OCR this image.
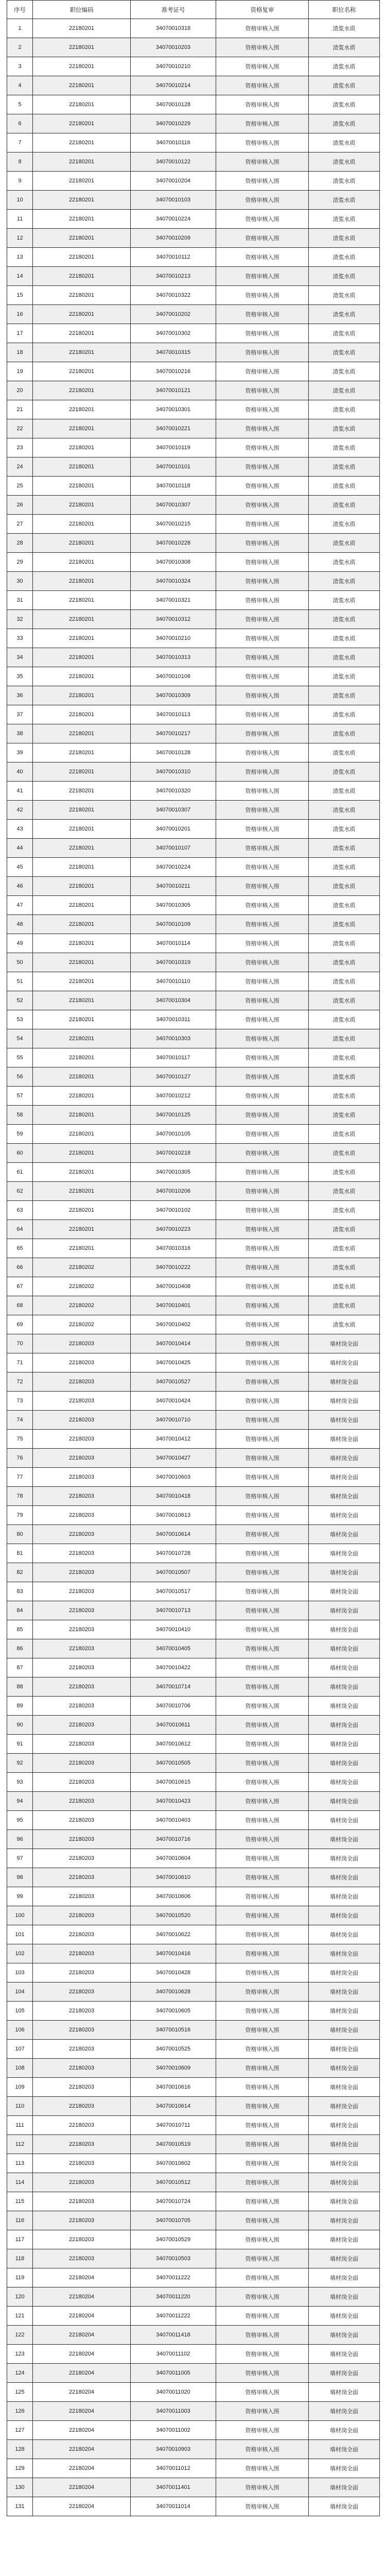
序号	职位编码	准考证号	资格复审	职位名称
1	22180201	34070010318	资格审核入围	渣浆水质
2	22180201	34070010203	资格审核入围	渣浆水质
3	22180201	34070010210	资格审核入围	渣浆水质
4	22180201	34070010214	资格审核入围	渣浆水质
5	22180201	34070010128	资格审核入围	渣浆水质
6	22180201	34070010229	资格审核入围	渣浆水质
7	22180201	34070010116	资格审核入围	渣浆水质
8	22180201	34070010122	资格审核入围	渣浆水质
9	22180201	34070010204	资格审核入围	渣浆水质
10	22180201	34070010103	资格审核入围	渣浆水质
11	22180201	34070010224	资格审核入围	渣浆水质
12	22180201	34070010209	资格审核入围	渣浆水质
13	22180201	34070010112	资格审核入围	渣浆水质
14	22180201	34070010213	资格审核入围	渣浆水质
15	22180201	34070010322	资格审核入围	渣浆水质
16	22180201	34070010202	资格审核入围	渣浆水质
17	22180201	34070010302	资格审核入围	渣浆水质
18	22180201	34070010315	资格审核入围	渣浆水质
19	22180201	34070010216	资格审核入围	渣浆水质
20	22180201	34070010121	资格审核入围	渣浆水质
21	22180201	34070010301	资格审核入围	渣浆水质
22	22180201	34070010221	资格审核入围	渣浆水质
23	22180201	34070010119	资格审核入围	渣浆水质
24	22180201	34070010101	资格审核入围	渣浆水质
25	22180201	34070010118	资格审核入围	渣浆水质
26	22180201	34070010307	资格审核入围	渣浆水质
27	22180201	34070010215	资格审核入围	渣浆水质
28	22180201	34070010228	资格审核入围	渣浆水质
29	22180201	34070010308	资格审核入围	渣浆水质
30	22180201	34070010324	资格审核入围	渣浆水质
31	22180201	34070010321	资格审核入围	渣浆水质
32	22180201	34070010312	资格审核入围	渣浆水质
33	22180201	34070010210	资格审核入围	渣浆水质
34	22180201	34070010313	资格审核入围	渣浆水质
35	22180201	34070010106	资格审核入围	渣浆水质
36	22180201	34070010309	资格审核入围	渣浆水质
37	22180201	34070010113	资格审核入围	渣浆水质
38	22180201	34070010217	资格审核入围	渣浆水质
39	22180201	34070010128	资格审核入围	渣浆水质
40	22180201	34070010310	资格审核入围	渣浆水质
41	22180201	34070010320	资格审核入围	渣浆水质
42	22180201	34070010307	资格审核入围	渣浆水质
43	22180201	34070010201	资格审核入围	渣浆水质
44	22180201	34070010107	资格审核入围	渣浆水质
45	22180201	34070010224	资格审核入围	渣浆水质
46	22180201	34070010211	资格审核入围	渣浆水质
47	22180201	34070010305	资格审核入围	渣浆水质
48	22180201	34070010109	资格审核入围	渣浆水质
49	22180201	34070010114	资格审核入围	渣浆水质
50	22180201	34070010319	资格审核入围	渣浆水质
51	22180201	34070010110	资格审核入围	渣浆水质
52	22180201	34070010304	资格审核入围	渣浆水质
53	22180201	34070010311	资格审核入围	渣浆水质
54	22180201	34070010303	资格审核入围	渣浆水质
55	22180201	34070010117	资格审核入围	渣浆水质
56	22180201	34070010127	资格审核入围	渣浆水质
57	22180201	34070010212	资格审核入围	渣浆水质
58	22180201	34070010125	资格审核入围	渣浆水质
59	22180201	34070010105	资格审核入围	渣浆水质
60	22180201	34070010218	资格审核入围	渣浆水质
61	22180201	34070010305	资格审核入围	渣浆水质
62	22180201	34070010206	资格审核入围	渣浆水质
63	22180201	34070010102	资格审核入围	渣浆水质
64	22180201	34070010223	资格审核入围	渣浆水质
65	22180201	34070010316	资格审核入围	渣浆水质
66	22180202	34070010222	资格审核入围	渣浆水质
67	22180202	34070010408	资格审核入围	渣浆水质
68	22180202	34070010401	资格审核入围	渣浆水质
69	22180202	34070010402	资格审核入围	渣浆水质
70	22180203	34070010414	资格审核入围	墙材岗全面
71	22180203	34070010425	资格审核入围	墙材岗全面
72	22180203	34070010527	资格审核入围	墙材岗全面
73	22180203	34070010424	资格审核入围	墙材岗全面
74	22180203	34070010710	资格审核入围	墙材岗全面
75	22180203	34070010412	资格审核入围	墙材岗全面
76	22180203	34070010427	资格审核入围	墙材岗全面
77	22180203	34070010603	资格审核入围	墙材岗全面
78	22180203	34070010418	资格审核入围	墙材岗全面
79	22180203	34070010613	资格审核入围	墙材岗全面
80	22180203	34070010614	资格审核入围	墙材岗全面
81	22180203	34070010728	资格审核入围	墙材岗全面
82	22180203	34070010507	资格审核入围	墙材岗全面
83	22180203	34070010517	资格审核入围	墙材岗全面
84	22180203	34070010713	资格审核入围	墙材岗全面
85	22180203	34070010410	资格审核入围	墙材岗全面
86	22180203	34070010405	资格审核入围	墙材岗全面
87	22180203	34070010422	资格审核入围	墙材岗全面
88	22180203	34070010714	资格审核入围	墙材岗全面
89	22180203	34070010706	资格审核入围	墙材岗全面
90	22180203	34070010611	资格审核入围	墙材岗全面
91	22180203	34070010612	资格审核入围	墙材岗全面
92	22180203	34070010505	资格审核入围	墙材岗全面
93	22180203	34070010615	资格审核入围	墙材岗全面
94	22180203	34070010423	资格审核入围	墙材岗全面
95	22180203	34070010403	资格审核入围	墙材岗全面
96	22180203	34070010716	资格审核入围	墙材岗全面
97	22180203	34070010604	资格审核入围	墙材岗全面
98	22180203	34070010610	资格审核入围	墙材岗全面
99	22180203	34070010606	资格审核入围	墙材岗全面
100	22180203	34070010520	资格审核入围	墙材岗全面
101	22180203	34070010622	资格审核入围	墙材岗全面
102	22180203	34070010416	资格审核入围	墙材岗全面
103	22180203	34070010428	资格审核入围	墙材岗全面
104	22180203	34070010628	资格审核入围	墙材岗全面
105	22180203	34070010605	资格审核入围	墙材岗全面
106	22180203	34070010516	资格审核入围	墙材岗全面
107	22180203	34070010525	资格审核入围	墙材岗全面
108	22180203	34070010609	资格审核入围	墙材岗全面
109	22180203	34070010616	资格审核入围	墙材岗全面
110	22180203	34070010614	资格审核入围	墙材岗全面
111	22180203	34070010711	资格审核入围	墙材岗全面
112	22180203	34070010519	资格审核入围	墙材岗全面
113	22180203	34070010602	资格审核入围	墙材岗全面
114	22180203	34070010512	资格审核入围	墙材岗全面
115	22180203	34070010724	资格审核入围	墙材岗全面
116	22180203	34070010705	资格审核入围	墙材岗全面
117	22180203	34070010529	资格审核入围	墙材岗全面
118	22180203	34070010503	资格审核入围	墙材岗全面
119	22180204	34070011222	资格审核入围	墙材岗全面
120	22180204	34070011220	资格审核入围	墙材岗全面
121	22180204	34070011222	资格审核入围	墙材岗全面
122	22180204	34070011418	资格审核入围	墙材岗全面
123	22180204	34070011102	资格审核入围	墙材岗全面
124	22180204	34070011005	资格审核入围	墙材岗全面
125	22180204	34070011020	资格审核入围	墙材岗全面
126	22180204	34070011003	资格审核入围	墙材岗全面
127	22180204	34070011002	资格审核入围	墙材岗全面
128	22180204	34070010903	资格审核入围	墙材岗全面
129	22180204	34070011012	资格审核入围	墙材岗全面
130	22180204	34070011401	资格审核入围	墙材岗全面
131	22180204	34070011014	资格审核入围	墙材岗全面
